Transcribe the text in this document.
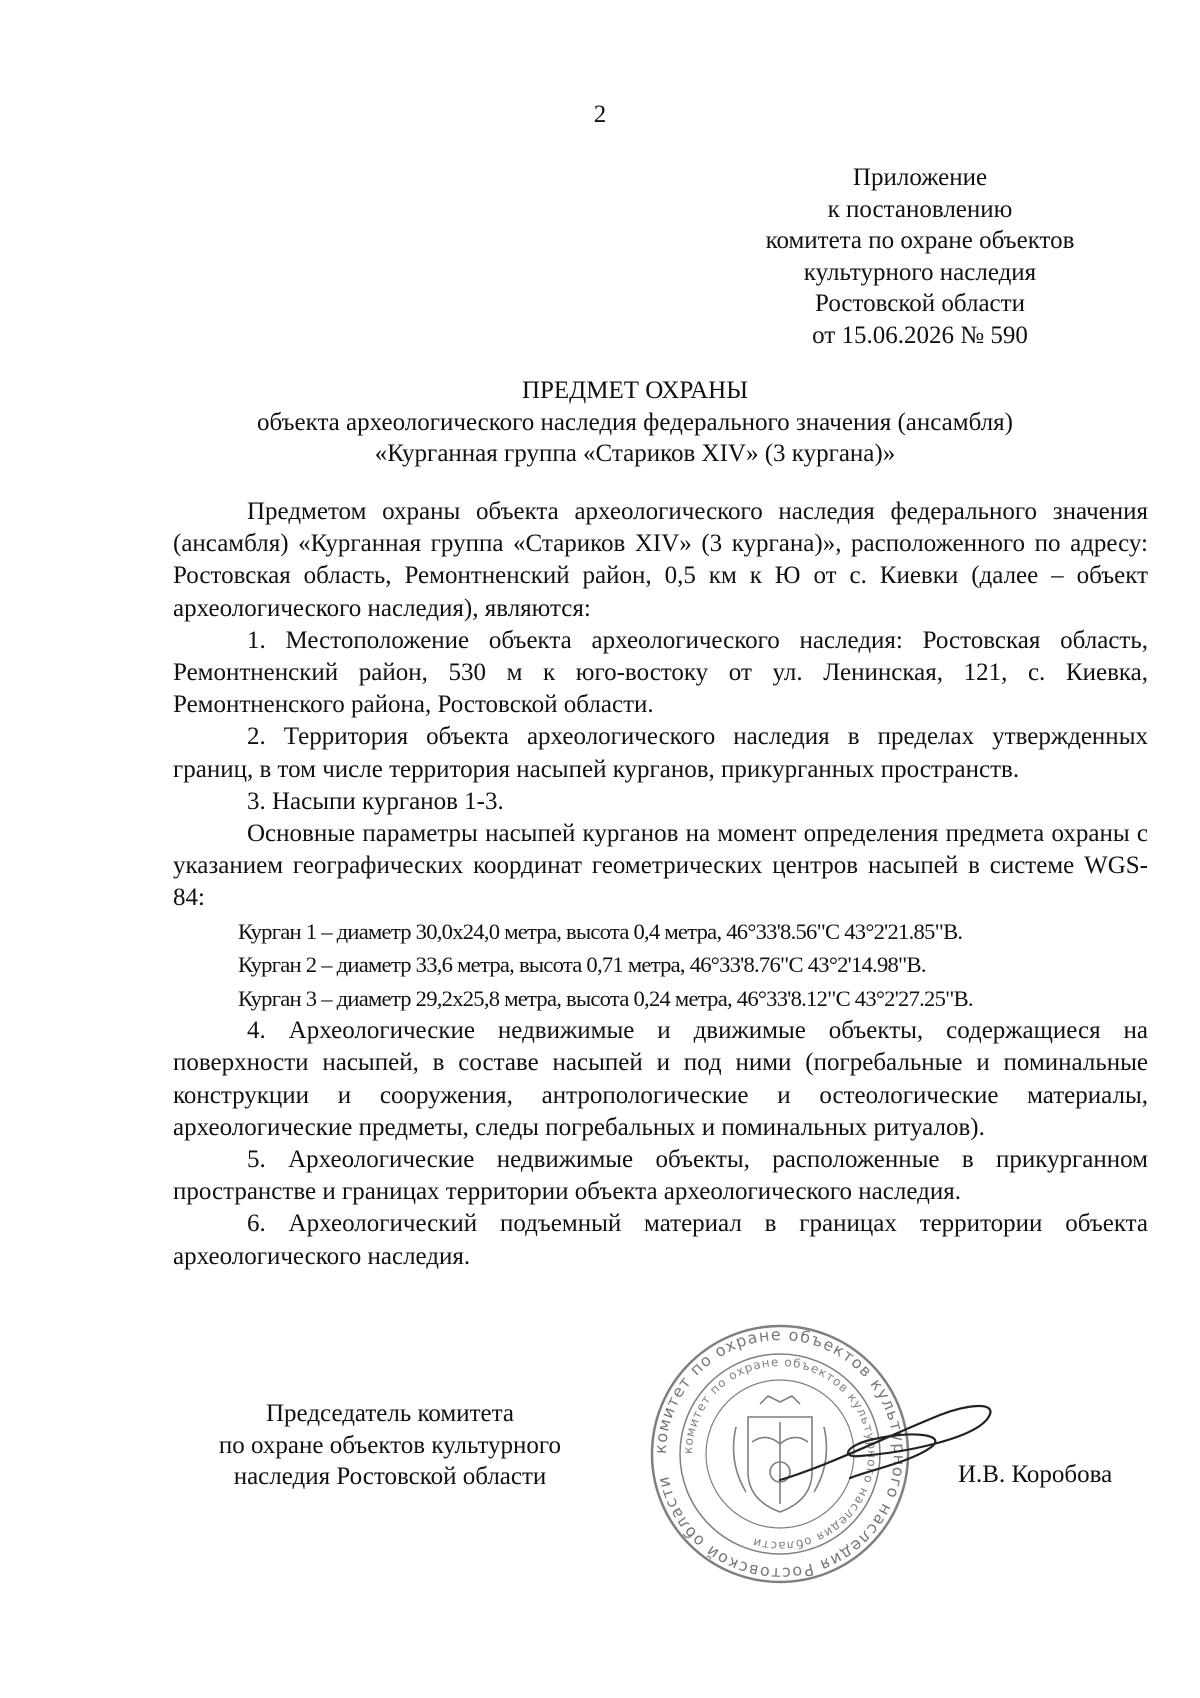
2
Приложение
к постановлению
комитета по охране объектов
культурного наследия
Ростовской области
от 15.06.2026 № 590
ПРЕДМЕТ ОХРАНЫ
объекта археологического наследия федерального значения (ансамбля)
«Курганная группа «Стариков XIV» (3 кургана)»

Предметом охраны объекта археологического наследия федерального значения (ансамбля) «Курганная группа «Стариков XIV» (3 кургана)», расположенного по адресу: Ростовская область, Ремонтненский район, 0,5 км к Ю от с. Киевки (далее – объект археологического наследия), являются:

1. Местоположение объекта археологического наследия: Ростовская область, Ремонтненский район, 530 м к юго-востоку от ул. Ленинская, 121, с. Киевка, Ремонтненского района, Ростовской области.

2. Территория объекта археологического наследия в пределах утвержденных границ, в том числе территория насыпей курганов, прикурганных пространств.

3. Насыпи курганов 1-3.

Основные параметры насыпей курганов на момент определения предмета охраны с указанием географических координат геометрических центров насыпей в системе WGS-84:

Курган 1 – диаметр 30,0х24,0 метра, высота 0,4 метра, 46°33'8.56"С 43°2'21.85"В.

Курган 2 – диаметр 33,6 метра, высота 0,71 метра, 46°33'8.76"С 43°2'14.98"В.

Курган 3 – диаметр 29,2х25,8 метра, высота 0,24 метра, 46°33'8.12"С 43°2'27.25"В.

4. Археологические недвижимые и движимые объекты, содержащиеся на поверхности насыпей, в составе насыпей и под ними (погребальные и поминальные конструкции и сооружения, антропологические и остеологические материалы, археологические предметы, следы погребальных и поминальных ритуалов).

5. Археологические недвижимые объекты, расположенные в прикурганном пространстве и границах территории объекта археологического наследия.

6. Археологический подъемный материал в границах территории объекта археологического наследия.

Председатель комитета
по охране объектов культурного
наследия Ростовской области
комитет по охране объектов культурного наследия Ростовской области
комитет по охране объектов культурного наследия области
И.В. Коробова
